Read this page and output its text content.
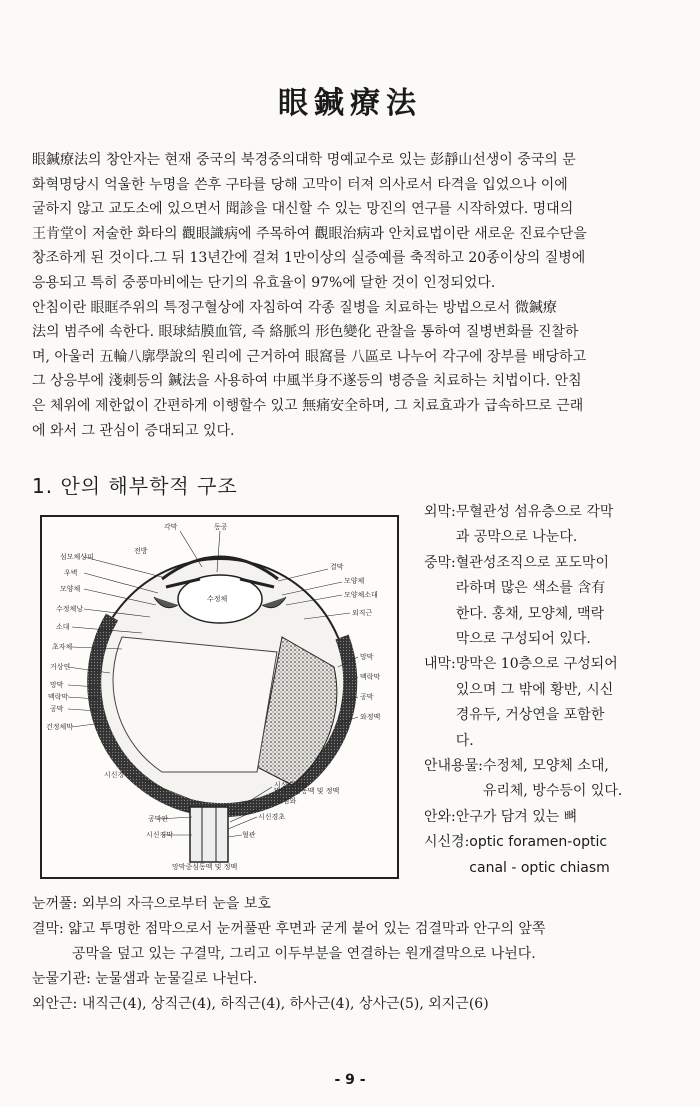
眼鍼療法

眼鍼療法의 창안자는 현재 중국의 북경중의대학 명예교수로 있는 彭靜山선생이 중국의 문

화혁명당시 억울한 누명을 쓴후 구타를 당해 고막이 터져 의사로서 타격을 입었으나 이에

굴하지 않고 교도소에 있으면서 聞診을 대신할 수 있는 망진의 연구를 시작하였다. 명대의

王肯堂이 저술한 화타의 觀眼識病에 주목하여 觀眼治病과 안치료법이란 새로운 진료수단을

창조하게 된 것이다.그 뒤 13년간에 걸쳐 1만이상의 실증예를 축적하고 20종이상의 질병에

응용되고 특히 중풍마비에는 단기의 유효율이 97%에 달한 것이 인정되었다.

안침이란 眼眶주위의 특정구혈상에 자침하여 각종 질병을 치료하는 방법으로서 微鍼療

法의 범주에 속한다. 眼球結膜血管, 즉 絡脈의 形色變化 관찰을 통하여 질병변화를 진찰하

며, 아울러 五輪八廓學說의 원리에 근거하여 眼窩를 八區로 나누어 각구에 장부를 배당하고

그 상응부에 淺刺등의 鍼法을 사용하여 中風半身不遂등의 병증을 치료하는 치법이다. 안침

은 체위에 제한없이 간편하게 이행할수 있고 無痛安全하며, 그 치료효과가 급속하므로 근래

에 와서 그 관심이 증대되고 있다.

1. 안의 해부학적 구조
각막	동공
전방
섬모체상피
우벽
모양체
수정체낭
소대
초자체
거상연
망막
맥락막
공막
건정체막
시신경
수정체
결막
모양체
모양체소대
외직근
망막
맥락막
공막
와정맥
시신경유두
중심와
시신경초
혈관
망막중심동맥 및 정맥
공막판
망막중심동맥 및 정맥
시신경막
외막: 무혈관성 섬유층으로 각막
과 공막으로 나눈다.
중막: 혈관성조직으로 포도막이
라하며 많은 색소를 含有
한다. 홍채, 모양체, 맥락
막으로 구성되어 있다.
내막: 망막은 10층으로 구성되어
있으며 그 밖에 황반, 시신
경유두, 거상연을 포함한
다.
안내용물: 수정체, 모양체 소대,
유리체, 방수등이 있다.
안와: 안구가 담겨 있는 뼈
시신경: optic foramen-optic
canal - optic chiasm
눈꺼풀: 외부의 자극으로부터 눈을 보호
결막: 얇고 투명한 점막으로서 눈꺼풀판 후면과 굳게 붙어 있는 검결막과 안구의 앞쪽
공막을 덮고 있는 구결막, 그리고 이두부분을 연결하는 원개결막으로 나뉜다.
눈물기관: 눈물샘과 눈물길로 나뉜다.
외안근: 내직근(4), 상직근(4), 하직근(4), 하사근(4), 상사근(5), 외지근(6)
- 9 -
